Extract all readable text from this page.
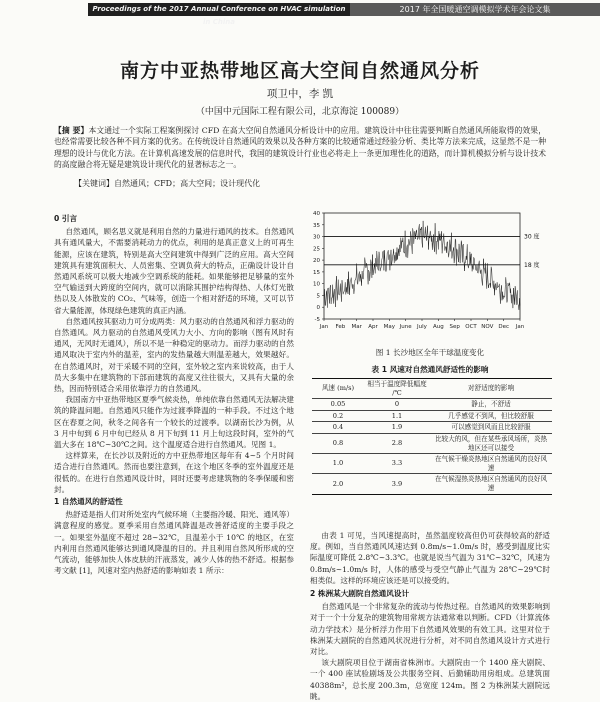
Proceedings of the 2017 Annual Conference on HVAC simulation in China
2017 年全国暖通空调模拟学术年会论文集
南方中亚热带地区高大空间自然通风分析
项卫中，李 凯
（中国中元国际工程有限公司，北京海淀 100089）
【摘 要】本文通过一个实际工程案例探讨 CFD 在高大空间自然通风分析设计中的应用。建筑设计中往往需要判断自然通风所能取得的效果，也经常需要比较各种不同方案的优劣。在传统设计自然通风的效果以及各种方案的比较通常通过经验分析、类比等方法来完成，这显然不是一种理想的设计与优化方法。在计算机高速发展的信息时代，我国的建筑设计行业也必将走上一条更加理性化的道路，而计算机模拟分析与设计技术的高度融合将无疑是建筑设计现代化的显著标志之一。
【关键词】自然通风；CFD；高大空间；设计现代化
0 引言

自然通风，顾名思义就是利用自然的力量进行通风的技术。自然通风具有通风量大，不需要消耗动力的优点，利用的是真正意义上的可再生能源，应该在建筑，特别是高大空间建筑中得到广泛的应用。高大空间建筑具有建筑面积大、人员密集、空调负荷大的特点，正确设计设计自然通风系统可以极大地减少空调系统的能耗。如果能够把足够量的室外空气输送到大跨度的空间内，就可以消除其围护结构得热、人体灯光散热以及人体散发的 CO₂、气味等，创造一个相对舒适的环境，又可以节省大量能源，体现绿色建筑的真正内涵。

自然通风按其驱动力可分成两类：风力驱动的自然通风和浮力驱动的自然通风。风力驱动的自然通风受风力大小、方向的影响（图有风时有通风，无风时无通风），所以不是一种稳定的驱动力。而浮力驱动的自然通风取决于室内外的温差，室内的发热量越大则温差越大，效果越好。在自然通风时，对于采暖不同的空间，室外较之室内来说较高，由于人员大多集中在建筑物的下部而建筑的高度又往往很大，又具有大量的余热，因而特别适合采用依靠浮力的自然通风。

我国南方中亚热带地区夏季气候炎热，单纯依靠自然通风无法解决建筑的降温问题。自然通风只能作为过渡季降温的一种手段。不过这个地区在春夏之间，秋冬之间各有一个较长的过渡季。以湖南长沙为例，从 3 月中旬到 6 月中旬已经从 8 月下旬到 11 月上旬这段时间，室外的气温大多在 18℃~30℃之间。这个温度适合进行自然通风。见图 1。

这样算来，在长沙以及附近的方中亚热带地区每年有 4~5 个月时间适合进行自然通风。然而也要注意到，在这个地区冬季的室外温度还是很低的。在进行自然通风设计时，同时还要考虑建筑物的冬季保暖和密封。

1 自然通风的舒适性

热舒适是指人们对所处室内气候环境（主要指冷暖、阳光、通风等）满意程度的感觉。夏季采用自然通风降温是改善舒适度的主要手段之一。如果室外温度不超过 28~32℃，且温差小于 10℃ 的地区，在室内利用自然通风能够达到通风降温的目的。并且利用自然风所形成的空气流动，能够加快人体皮肤的汗液蒸发，减少人体的热不舒适。根据参考文献 [1]，风速对室内热舒适的影响如表 1 所示：

-5
0
5
10
15
20
25
30
35
40
Jan Feb Mar Apr May June July Aug Sep OCT NOV Dec Jan
30 度
18 度
图 1 长沙地区全年干球温度变化
表 1 风速对自然通风舒适性的影响
风速 (m/s)	相当于温度降低幅度 /℃	对舒适度的影响
0.05	0	静止，不舒适
0.2	1.1	几乎感觉不到风，但比较舒服
0.4	1.9	可以感觉到风而且比较舒服
0.8	2.8	比较大的风，但在某些承风场所，炎热地区还可以接受
1.0	3.3	在气候干燥炎热地区自然通风的良好风速
2.0	3.9	在气候湿热炎热地区自然通风的良好风速

由表 1 可见，当风速提高时，虽然温度较高但仍可获得较高的舒适度。例如，当自然通风风速达到 0.8m/s~1.0m/s 时，感受到温度比实际温度可降低 2.8℃~3.3℃。也就是说当气温为 31℃~32℃，风速为 0.8m/s~1.0m/s 时，人体的感受与受空气静止气温为 28℃~29℃时相类似。这样的环境应该还是可以接受的。

2 株洲某大剧院自然通风设计

自然通风是一个非常复杂的流动与传热过程。自然通风的效果影响到对于一个十分复杂的建筑物用常规方法通常难以判断。CFD（计算流体动力学技术）是分析浮力作用下自然通风效果的有效工具。这里对位于株洲某大剧院的自然通风状况进行分析，对不同自然通风设计方式进行对比。

该大剧院项目位于湖南省株洲市。大剧院由一个 1400 座大剧院、一个 400 座试验剧场及公共服务空间、后勤辅助用房组成。总建筑面 40388m²，总长度 200.3m，总宽度 124m。图 2 为株洲某大剧院远眺。
